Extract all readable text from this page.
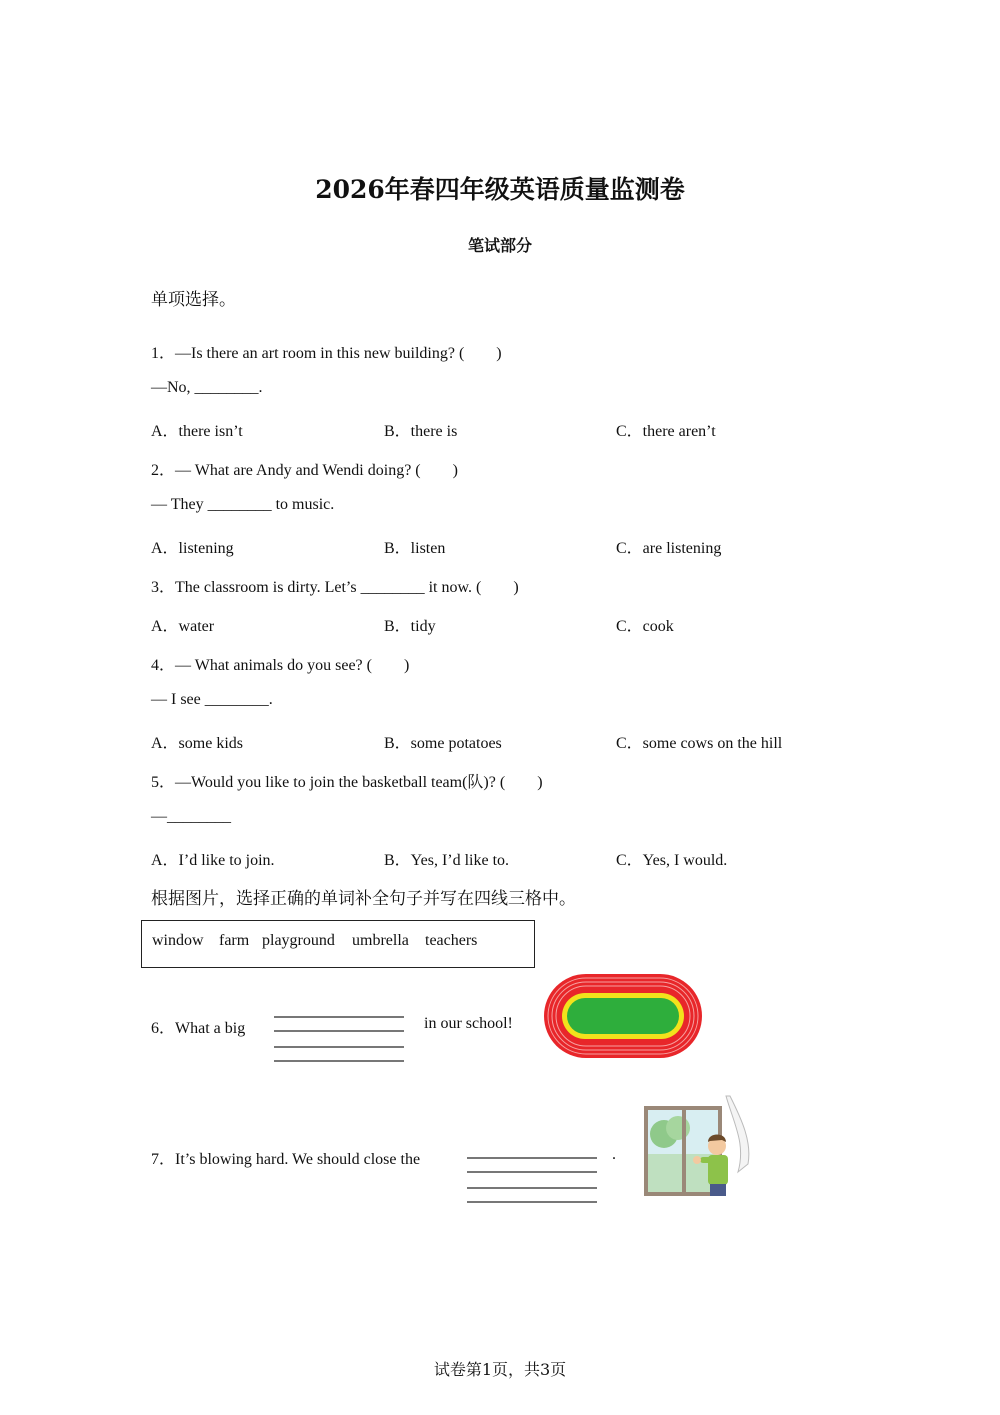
2026年春四年级英语质量监测卷
笔试部分
单项选择。
1．—Is there an art room in this new building? (　　)
—No, ________.
A．there isn’t	B．there is	C．there aren’t
2．— What are Andy and Wendi doing? (　　)
— They ________ to music.
A．listening	B．listen	C．are listening
3．The classroom is dirty. Let’s ________ it now. (　　)
A．water	B．tidy	C．cook
4．— What animals do you see? (　　)
— I see ________.
A．some kids	B．some potatoes	C．some cows on the hill
5．—Would you like to join the basketball team(队)? (　　)
—________
A．I’d like to join.	B．Yes, I’d like to.	C．Yes, I would.
根据图片，选择正确的单词补全句子并写在四线三格中。
window farm playground umbrella teachers
6．What a big	in our school!
7．It’s blowing hard. We should close the	.
试卷第1页，共3页
